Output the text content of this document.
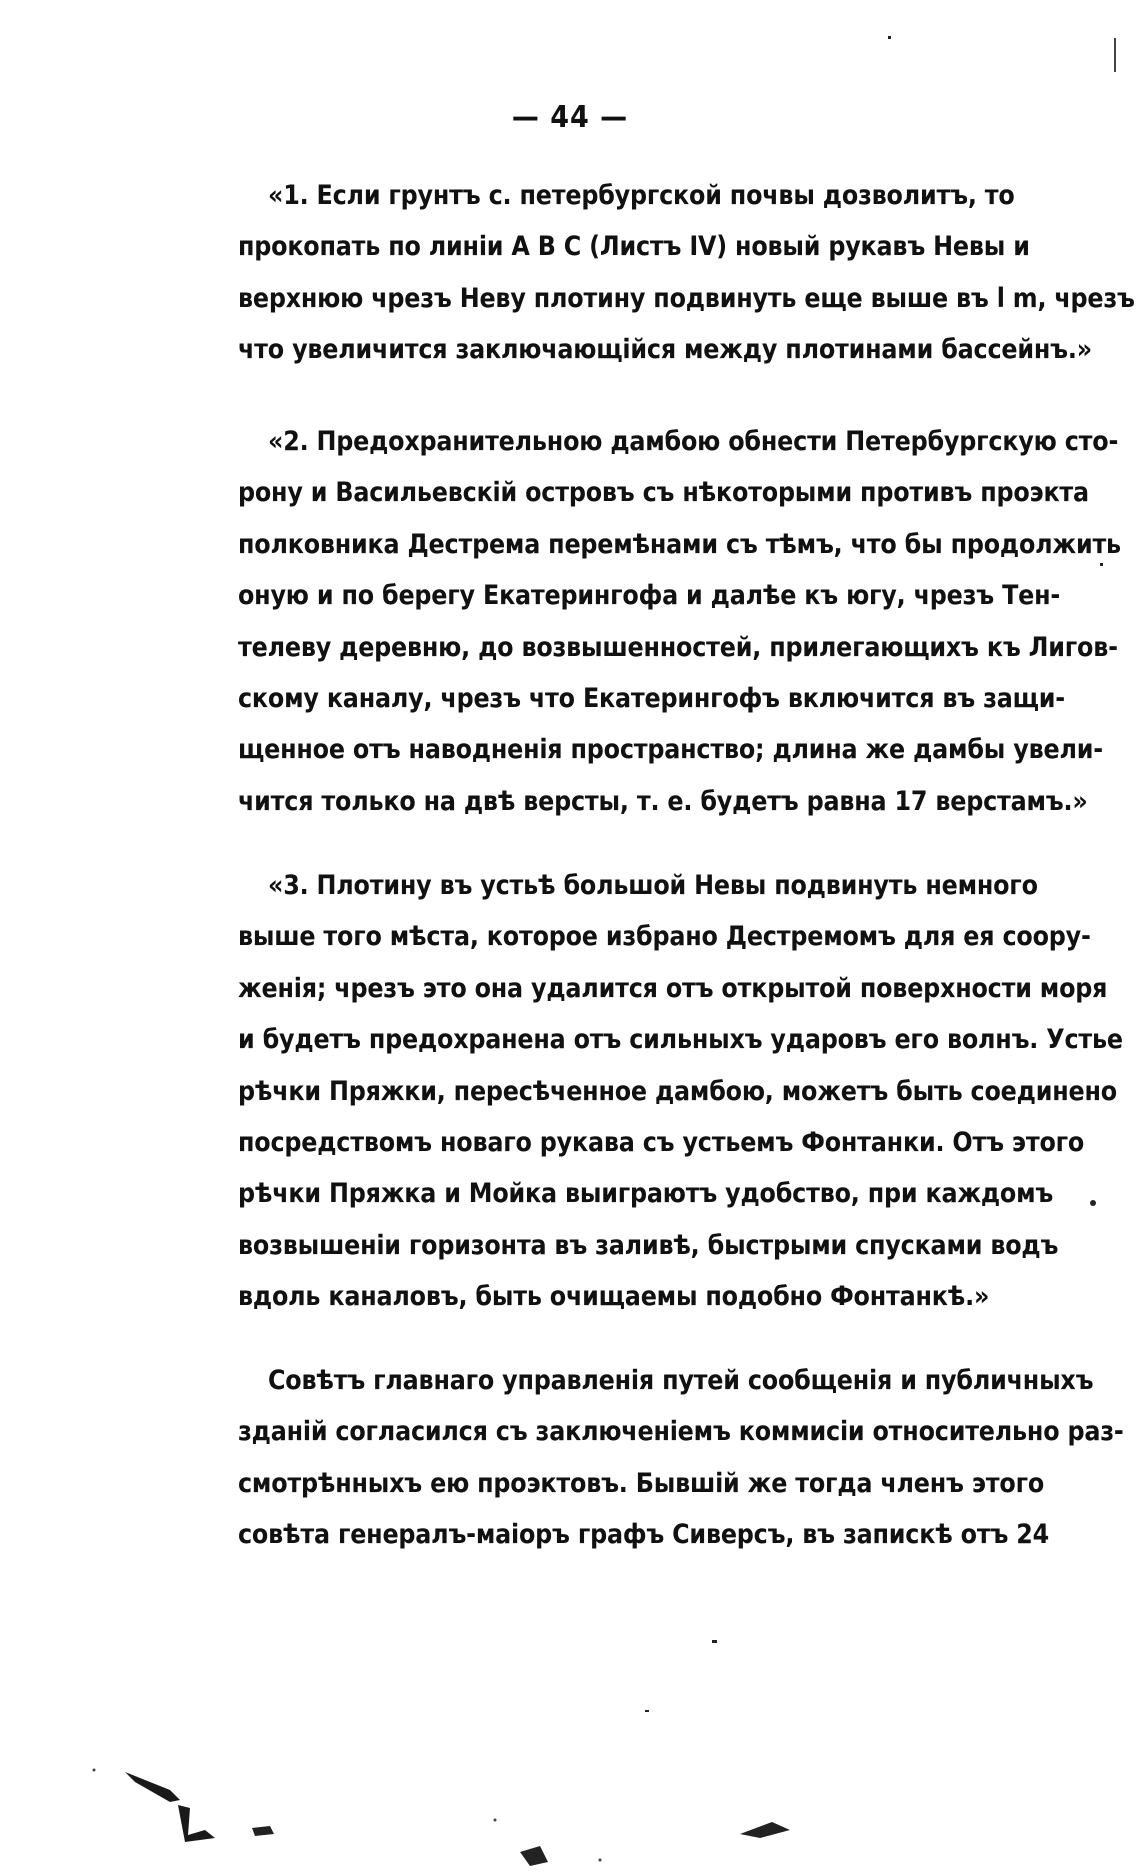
— 44 —
«1. Если грунтъ с. петербургской почвы дозволитъ, то
прокопать по линіи A B C (Листъ IV) новый рукавъ Невы и
верхнюю чрезъ Неву плотину подвинуть еще выше въ l m, чрезъ
что увеличится заключающійся между плотинами бассейнъ.»
«2. Предохранительною дамбою обнести Петербургскую сто-
рону и Васильевскій островъ съ нѣкоторыми противъ проэкта
полковника Дестрема перемѣнами съ тѣмъ, что бы продолжить
оную и по берегу Екатерингофа и далѣе къ югу, чрезъ Тен-
телеву деревню, до возвышенностей, прилегающихъ къ Лигов-
скому каналу, чрезъ что Екатерингофъ включится въ защи-
щенное отъ наводненія пространство; длина же дамбы увели-
чится только на двѣ версты, т. е. будетъ равна 17 верстамъ.»
«3. Плотину въ устьѣ большой Невы подвинуть немного
выше того мѣста, которое избрано Дестремомъ для ея соору-
женія; чрезъ это она удалится отъ открытой поверхности моря
и будетъ предохранена отъ сильныхъ ударовъ его волнъ. Устье
рѣчки Пряжки, пересѣченное дамбою, можетъ быть соединено
посредствомъ новаго рукава съ устьемъ Фонтанки. Отъ этого
рѣчки Пряжка и Мойка выиграютъ удобство, при каждомъ
возвышеніи горизонта въ заливѣ, быстрыми спусками водъ
вдоль каналовъ, быть очищаемы подобно Фонтанкѣ.»
Совѣтъ главнаго управленія путей сообщенія и публичныхъ
зданій согласился съ заключеніемъ коммисіи относительно раз-
смотрѣнныхъ ею проэктовъ. Бывшій же тогда членъ этого
совѣта генералъ-маіоръ графъ Сиверсъ, въ запискѣ отъ 24
